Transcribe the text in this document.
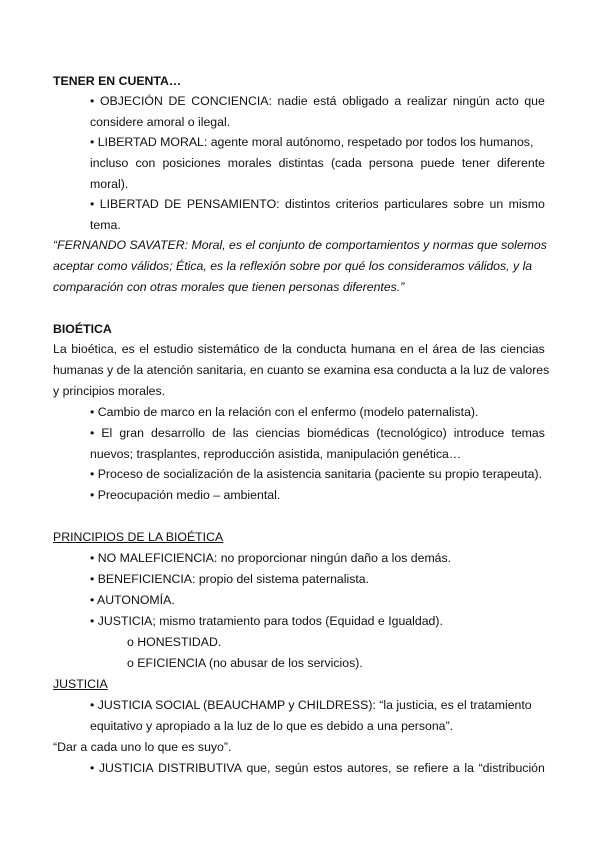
TENER EN CUENTA…
• OBJECIÓN DE CONCIENCIA: nadie está obligado a realizar ningún acto que
considere amoral o ilegal.
• LIBERTAD MORAL: agente moral autónomo, respetado por todos los humanos,
incluso con posiciones morales distintas (cada persona puede tener diferente
moral).
• LIBERTAD DE PENSAMIENTO: distintos criterios particulares sobre un mismo
tema.
“FERNANDO SAVATER: Moral, es el conjunto de comportamientos y normas que solemos
aceptar como válidos; Ética, es la reflexión sobre por qué los consideramos válidos, y la
comparación con otras morales que tienen personas diferentes.”
BIOÉTICA
La bioética, es el estudio sistemático de la conducta humana en el área de las ciencias
humanas y de la atención sanitaria, en cuanto se examina esa conducta a la luz de valores
y principios morales.
• Cambio de marco en la relación con el enfermo (modelo paternalista).
• El gran desarrollo de las ciencias biomédicas (tecnológico) introduce temas
nuevos; trasplantes, reproducción asistida, manipulación genética…
• Proceso de socialización de la asistencia sanitaria (paciente su propio terapeuta).
• Preocupación medio – ambiental.
PRINCIPIOS DE LA BIOÉTICA
• NO MALEFICIENCIA: no proporcionar ningún daño a los demás.
• BENEFICIENCIA: propio del sistema paternalista.
• AUTONOMÍA.
• JUSTICIA; mismo tratamiento para todos (Equidad e Igualdad).
o HONESTIDAD.
o EFICIENCIA (no abusar de los servicios).
JUSTICIA
• JUSTICIA SOCIAL (BEAUCHAMP y CHILDRESS): “la justicia, es el tratamiento
equitativo y apropiado a la luz de lo que es debido a una persona”.
“Dar a cada uno lo que es suyo”.
• JUSTICIA DISTRIBUTIVA que, según estos autores, se refiere a la “distribución
